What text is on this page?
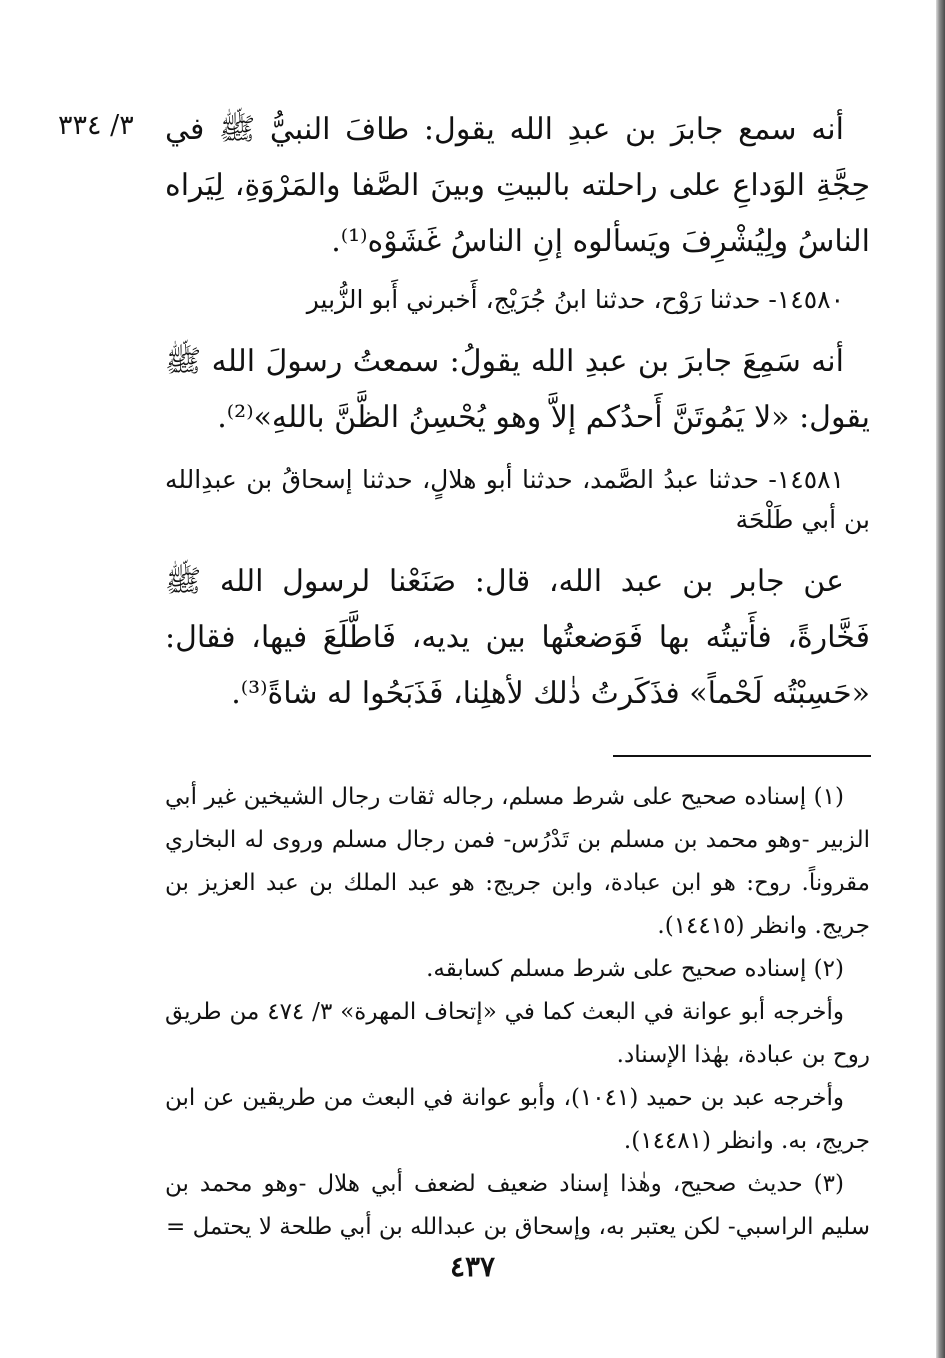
٣/ ٣٣٤ أنه سمع جابرَ بن عبدِ الله يقول: طافَ النبيُّ ﷺ في حِجَّةِ الوَداعِ على راحلته بالبيتِ وبينَ الصَّفا والمَرْوَةِ، لِيَراه الناسُ ولِيُشْرِفَ ويَسألوه إنِ الناسُ غَشَوْه⁽¹⁾.

١٤٥٨٠- حدثنا رَوْح، حدثنا ابنُ جُرَيْج، أَخبرني أَبو الزُّبير

أنه سَمِعَ جابرَ بن عبدِ الله يقولُ: سمعتُ رسولَ الله ﷺ يقول: «لا يَمُوتَنَّ أَحدُكم إلاَّ وهو يُحْسِنُ الظَّنَّ باللهِ»⁽²⁾.

١٤٥٨١- حدثنا عبدُ الصَّمد، حدثنا أبو هلالٍ، حدثنا إسحاقُ بن عبدِالله بن أبي طَلْحَة

عن جابر بن عبد الله، قال: صَنَعْنا لرسول الله ﷺ فَخَّارةً، فأَتيتُه بها فَوَضعتُها بين يديه، فَاطَّلَعَ فيها، فقال: «حَسِبْتُه لَحْماً» فذَكَرتُ ذٰلك لأهلِنا، فَذَبَحُوا له شاةً⁽³⁾.

(١) إسناده صحيح على شرط مسلم، رجاله ثقات رجال الشيخين غير أبي الزبير -وهو محمد بن مسلم بن تَدْرُس- فمن رجال مسلم وروى له البخاري مقروناً. روح: هو ابن عبادة، وابن جريج: هو عبد الملك بن عبد العزيز بن جريج. وانظر (١٤٤١٥).

(٢) إسناده صحيح على شرط مسلم كسابقه.

وأخرجه أبو عوانة في البعث كما في «إتحاف المهرة» ٣/ ٤٧٤ من طريق روح بن عبادة، بهٰذا الإسناد.

وأخرجه عبد بن حميد (١٠٤١)، وأبو عوانة في البعث من طريقين عن ابن جريج، به. وانظر (١٤٤٨١).

(٣) حديث صحيح، وهٰذا إسناد ضعيف لضعف أبي هلال -وهو محمد بن سليم الراسبي- لكن يعتبر به، وإسحاق بن عبدالله بن أبي طلحة لا يحتمل =

٤٣٧
